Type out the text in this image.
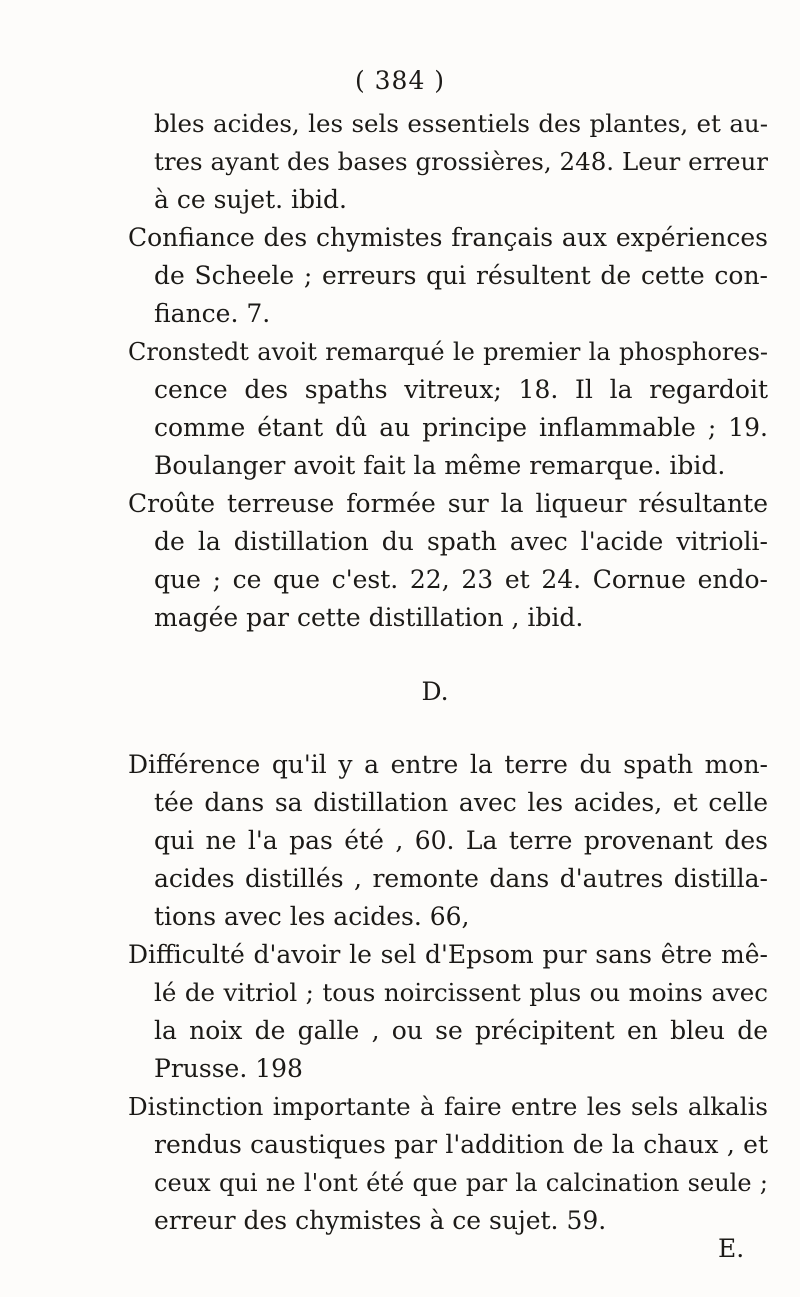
( 384 )
bles acides, les sels essentiels des plantes, et au-
tres ayant des bases grossières, 248. Leur erreur
à ce sujet. ibid.
Confiance des chymistes français aux expériences
de Scheele ; erreurs qui résultent de cette con-
fiance. 7.
Cronstedt avoit remarqué le premier la phosphores-
cence des spaths vitreux; 18. Il la regardoit
comme étant dû au principe inflammable ; 19.
Boulanger avoit fait la même remarque. ibid.
Croûte terreuse formée sur la liqueur résultante
de la distillation du spath avec l'acide vitrioli-
que ; ce que c'est. 22, 23 et 24. Cornue endo-
magée par cette distillation , ibid.
D.
Différence qu'il y a entre la terre du spath mon-
tée dans sa distillation avec les acides, et celle
qui ne l'a pas été , 60. La terre provenant des
acides distillés , remonte dans d'autres distilla-
tions avec les acides. 66,
Difficulté d'avoir le sel d'Epsom pur sans être mê-
lé de vitriol ; tous noircissent plus ou moins avec
la noix de galle , ou se précipitent en bleu de
Prusse. 198
Distinction importante à faire entre les sels alkalis
rendus caustiques par l'addition de la chaux , et
ceux qui ne l'ont été que par la calcination seule ;
erreur des chymistes à ce sujet. 59.
E.
